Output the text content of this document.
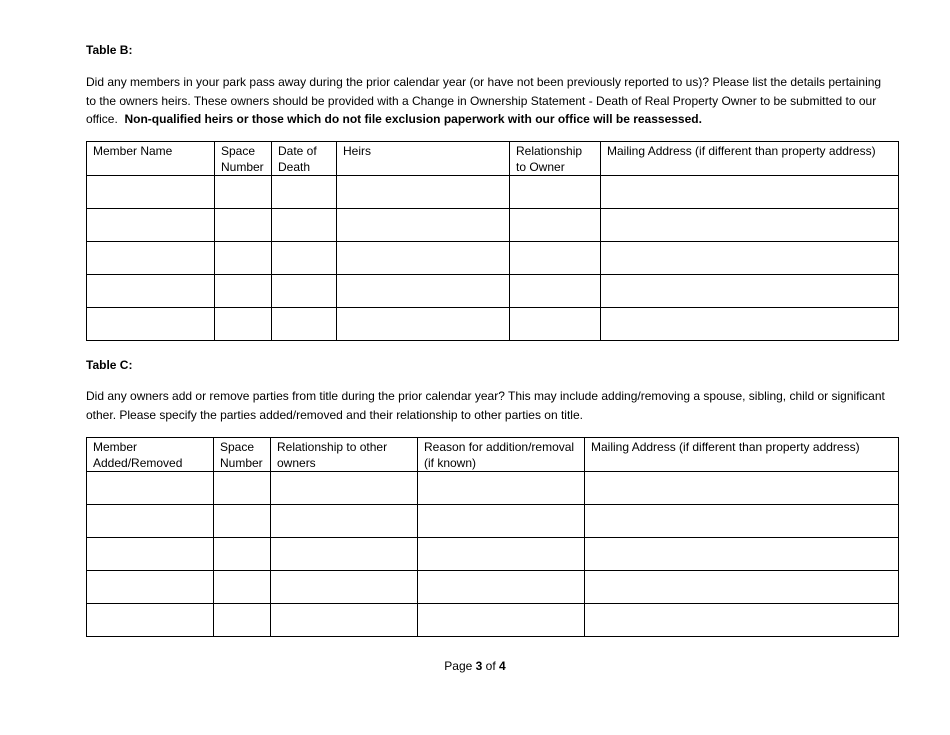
Table B:
Did any members in your park pass away during the prior calendar year (or have not been previously reported to us)? Please list the details pertaining to the owners heirs. These owners should be provided with a Change in Ownership Statement - Death of Real Property Owner to be submitted to our office. Non-qualified heirs or those which do not file exclusion paperwork with our office will be reassessed.
Member Name	Space Number	Date of Death	Heirs	Relationship to Owner	Mailing Address (if different than property address)

Table C:
Did any owners add or remove parties from title during the prior calendar year? This may include adding/removing a spouse, sibling, child or significant other. Please specify the parties added/removed and their relationship to other parties on title.
Member Added/Removed	Space Number	Relationship to other owners	Reason for addition/removal (if known)	Mailing Address (if different than property address)

Page 3 of 4
